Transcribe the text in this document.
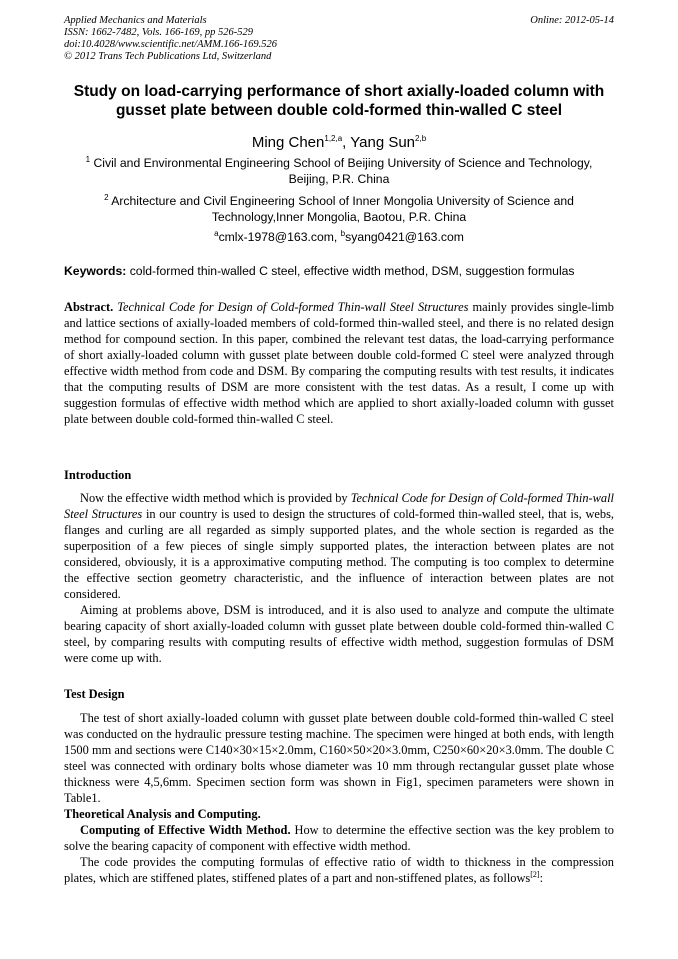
Applied Mechanics and Materials
ISSN: 1662-7482, Vols. 166-169, pp 526-529
doi:10.4028/www.scientific.net/AMM.166-169.526
© 2012 Trans Tech Publications Ltd, Switzerland
Online: 2012-05-14
Study on load-carrying performance of short axially-loaded column with gusset plate between double cold-formed thin-walled C steel
Ming Chen$^{1,2,a}$, Yang Sun$^{2,b}$
$^1$ Civil and Environmental Engineering School of Beijing University of Science and Technology, Beijing, P.R. China
$^2$ Architecture and Civil Engineering School of Inner Mongolia University of Science and Technology,Inner Mongolia, Baotou, P.R. China
$^a$cmlx-1978@163.com, $^b$syang0421@163.com
Keywords: cold-formed thin-walled C steel, effective width method, DSM, suggestion formulas
Abstract. Technical Code for Design of Cold-formed Thin-wall Steel Structures mainly provides single-limb and lattice sections of axially-loaded members of cold-formed thin-walled steel, and there is no related design method for compound section. In this paper, combined the relevant test datas, the load-carrying performance of short axially-loaded column with gusset plate between double cold-formed C steel were analyzed through effective width method from code and DSM. By comparing the computing results with test results, it indicates that the computing results of DSM are more consistent with the test datas. As a result, I come up with suggestion formulas of effective width method which are applied to short axially-loaded column with gusset plate between double cold-formed thin-walled C steel.
Introduction

Now the effective width method which is provided by Technical Code for Design of Cold-formed Thin-wall Steel Structures in our country is used to design the structures of cold-formed thin-walled steel, that is, webs, flanges and curling are all regarded as simply supported plates, and the whole section is regarded as the superposition of a few pieces of single simply supported plates, the interaction between plates are not considered, obviously, it is a approximative computing method. The computing is too complex to determine the effective section geometry characteristic, and the influence of interaction between plates are not considered.

Aiming at problems above, DSM is introduced, and it is also used to analyze and compute the ultimate bearing capacity of short axially-loaded column with gusset plate between double cold-formed thin-walled C steel, by comparing results with computing results of effective width method, suggestion formulas of DSM were come up with.

Test Design

The test of short axially-loaded column with gusset plate between double cold-formed thin-walled C steel was conducted on the hydraulic pressure testing machine. The specimen were hinged at both ends, with length 1500 mm and sections were C140×30×15×2.0mm, C160×50×20×3.0mm, C250×60×20×3.0mm. The double C steel was connected with ordinary bolts whose diameter was 10 mm through rectangular gusset plate whose thickness were 4,5,6mm. Specimen section form was shown in Fig1, specimen parameters were shown in Table1.

Theoretical Analysis and Computing.

Computing of Effective Width Method. How to determine the effective section was the key problem to solve the bearing capacity of component with effective width method.

The code provides the computing formulas of effective ratio of width to thickness in the compression plates, which are stiffened plates, stiffened plates of a part and non-stiffened plates, as follows[2]:
